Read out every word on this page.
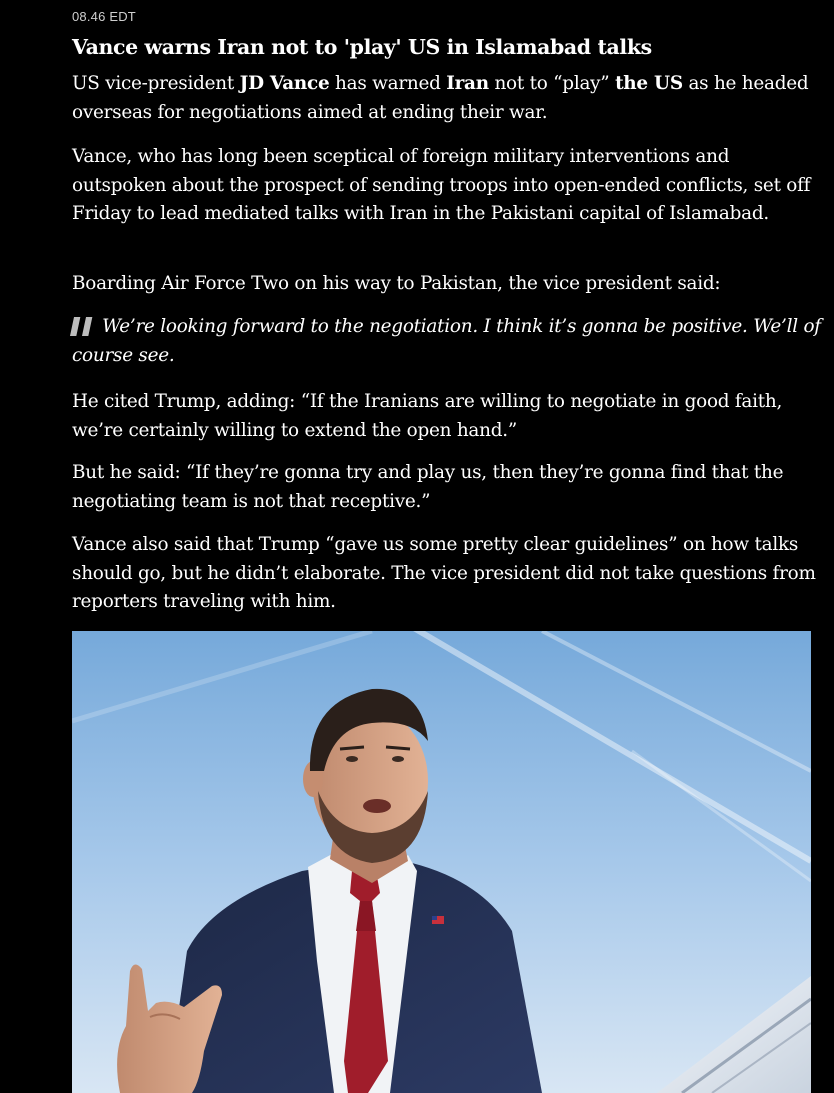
08.46 EDT
Vance warns Iran not to 'play' US in Islamabad talks

US vice-president JD Vance has warned Iran not to “play” the US as he headed overseas for negotiations aimed at ending their war.

Vance, who has long been sceptical of foreign military interventions and outspoken about the prospect of sending troops into open-ended conflicts, set off Friday to lead mediated talks with Iran in the Pakistani capital of Islamabad.

Boarding Air Force Two on his way to Pakistan, the vice president said:

▌▌ We’re looking forward to the negotiation. I think it’s gonna be positive. We’ll of course see.

He cited Trump, adding: “If the Iranians are willing to negotiate in good faith, we’re certainly willing to extend the open hand.”

But he said: “If they’re gonna try and play us, then they’re gonna find that the negotiating team is not that receptive.”

Vance also said that Trump “gave us some pretty clear guidelines” on how talks should go, but he didn’t elaborate. The vice president did not take questions from reporters traveling with him.
